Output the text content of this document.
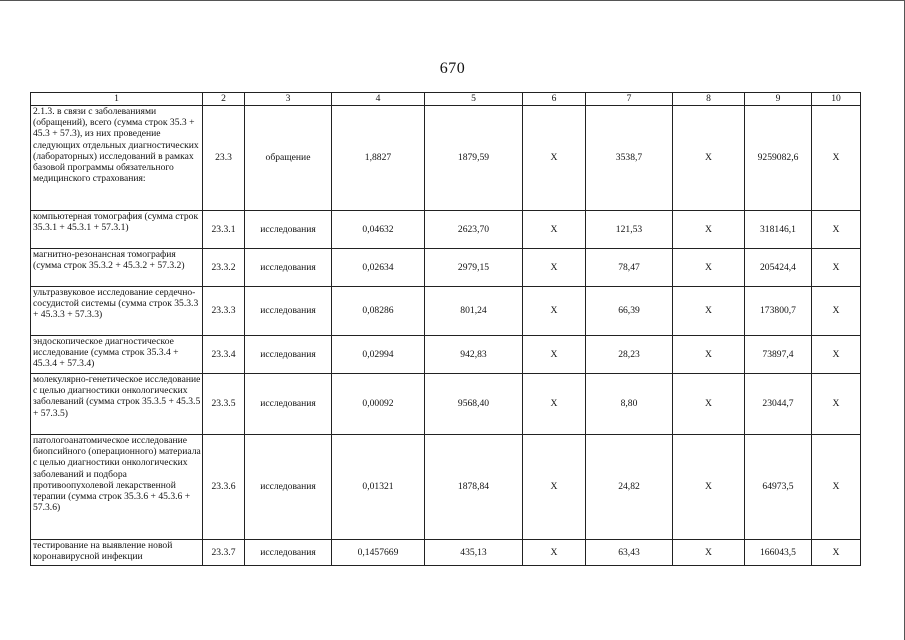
670
1	2	3	4	5	6	7	8	9	10
2.1.3. в связи с заболеваниями (обращений), всего (сумма строк 35.3 + 45.3 + 57.3), из них проведение следующих отдельных диагностических (лабораторных) исследований в рамках базовой программы обязательного медицинского страхования:	23.3	обращение	1,8827	1879,59	X	3538,7	X	9259082,6	X
компьютерная томография (сумма строк 35.3.1 + 45.3.1 + 57.3.1)	23.3.1	исследования	0,04632	2623,70	X	121,53	X	318146,1	X
магнитно-резонансная томография (сумма строк 35.3.2 + 45.3.2 + 57.3.2)	23.3.2	исследования	0,02634	2979,15	X	78,47	X	205424,4	X
ультразвуковое исследование сердечно-сосудистой системы (сумма строк 35.3.3 + 45.3.3 + 57.3.3)	23.3.3	исследования	0,08286	801,24	X	66,39	X	173800,7	X
эндоскопическое диагностическое исследование (сумма строк 35.3.4 + 45.3.4 + 57.3.4)	23.3.4	исследования	0,02994	942,83	X	28,23	X	73897,4	X
молекулярно-генетическое исследование с целью диагностики онкологических заболеваний (сумма строк 35.3.5 + 45.3.5 + 57.3.5)	23.3.5	исследования	0,00092	9568,40	X	8,80	X	23044,7	X
патологоанатомическое исследование биопсийного (операционного) материала с целью диагностики онкологических заболеваний и подбора противоопухолевой лекарственной терапии (сумма строк 35.3.6 + 45.3.6 + 57.3.6)	23.3.6	исследования	0,01321	1878,84	X	24,82	X	64973,5	X
тестирование на выявление новой коронавирусной инфекции	23.3.7	исследования	0,1457669	435,13	X	63,43	X	166043,5	X
